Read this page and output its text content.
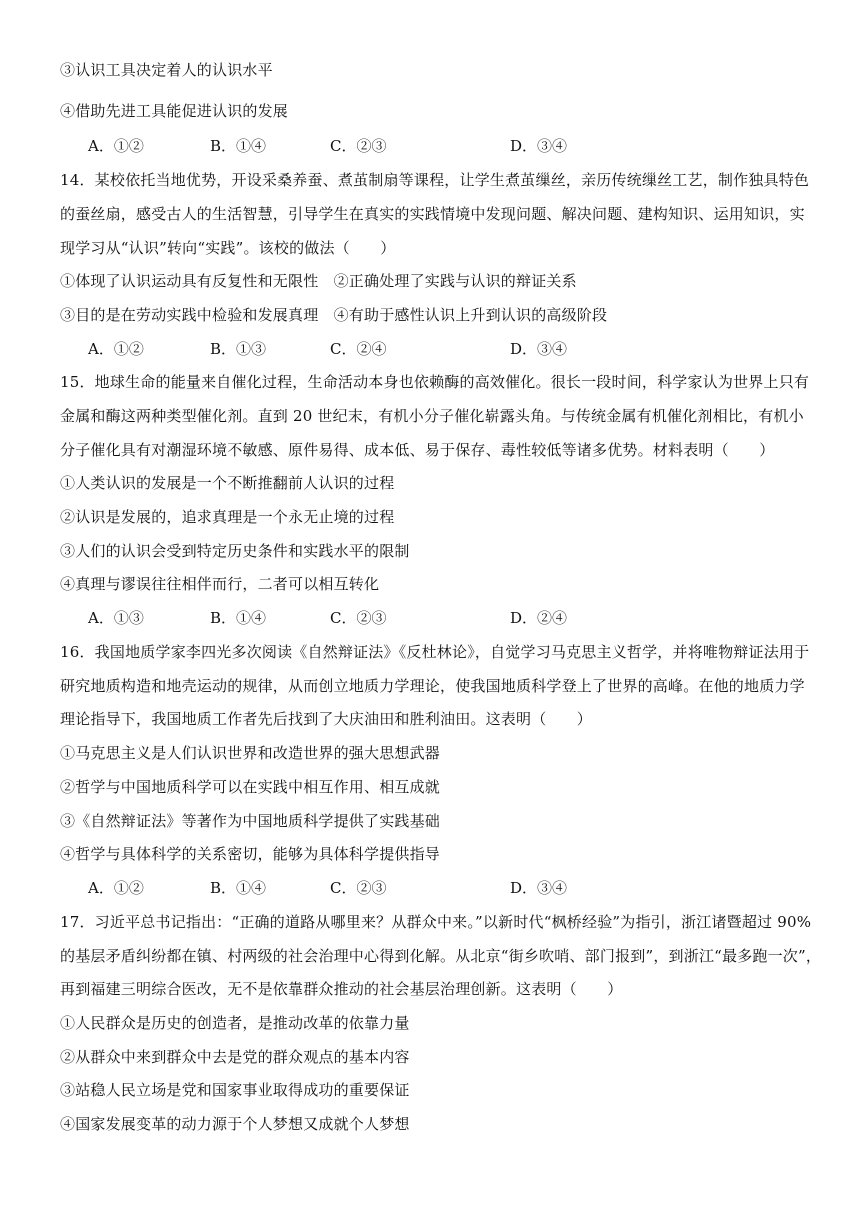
③认识工具决定着人的认识水平
④借助先进工具能促进认识的发展
A．①②	B．①④	C．②③	D．③④
14．某校依托当地优势，开设采桑养蚕、煮茧制扇等课程，让学生煮茧缫丝，亲历传统缫丝工艺，制作独具特色
的蚕丝扇，感受古人的生活智慧，引导学生在真实的实践情境中发现问题、解决问题、建构知识、运用知识，实
现学习从“认识”转向“实践”。该校的做法（　　）
①体现了认识运动具有反复性和无限性　②正确处理了实践与认识的辩证关系
③目的是在劳动实践中检验和发展真理　④有助于感性认识上升到认识的高级阶段
A．①②	B．①③	C．②④	D．③④
15．地球生命的能量来自催化过程，生命活动本身也依赖酶的高效催化。很长一段时间，科学家认为世界上只有
金属和酶这两种类型催化剂。直到 20 世纪末，有机小分子催化崭露头角。与传统金属有机催化剂相比，有机小
分子催化具有对潮湿环境不敏感、原件易得、成本低、易于保存、毒性较低等诸多优势。材料表明（　　）
①人类认识的发展是一个不断推翻前人认识的过程
②认识是发展的，追求真理是一个永无止境的过程
③人们的认识会受到特定历史条件和实践水平的限制
④真理与谬误往往相伴而行，二者可以相互转化
A．①③	B．①④	C．②③	D．②④
16．我国地质学家李四光多次阅读《自然辩证法》《反杜林论》，自觉学习马克思主义哲学，并将唯物辩证法用于
研究地质构造和地壳运动的规律，从而创立地质力学理论，使我国地质科学登上了世界的高峰。在他的地质力学
理论指导下，我国地质工作者先后找到了大庆油田和胜利油田。这表明（　　）
①马克思主义是人们认识世界和改造世界的强大思想武器
②哲学与中国地质科学可以在实践中相互作用、相互成就
③《自然辩证法》等著作为中国地质科学提供了实践基础
④哲学与具体科学的关系密切，能够为具体科学提供指导
A．①②	B．①④	C．②③	D．③④
17．习近平总书记指出：“正确的道路从哪里来？从群众中来。”以新时代“枫桥经验”为指引，浙江诸暨超过 90%
的基层矛盾纠纷都在镇、村两级的社会治理中心得到化解。从北京“街乡吹哨、部门报到”，到浙江“最多跑一次”，
再到福建三明综合医改，无不是依靠群众推动的社会基层治理创新。这表明（　　）
①人民群众是历史的创造者，是推动改革的依靠力量
②从群众中来到群众中去是党的群众观点的基本内容
③站稳人民立场是党和国家事业取得成功的重要保证
④国家发展变革的动力源于个人梦想又成就个人梦想
